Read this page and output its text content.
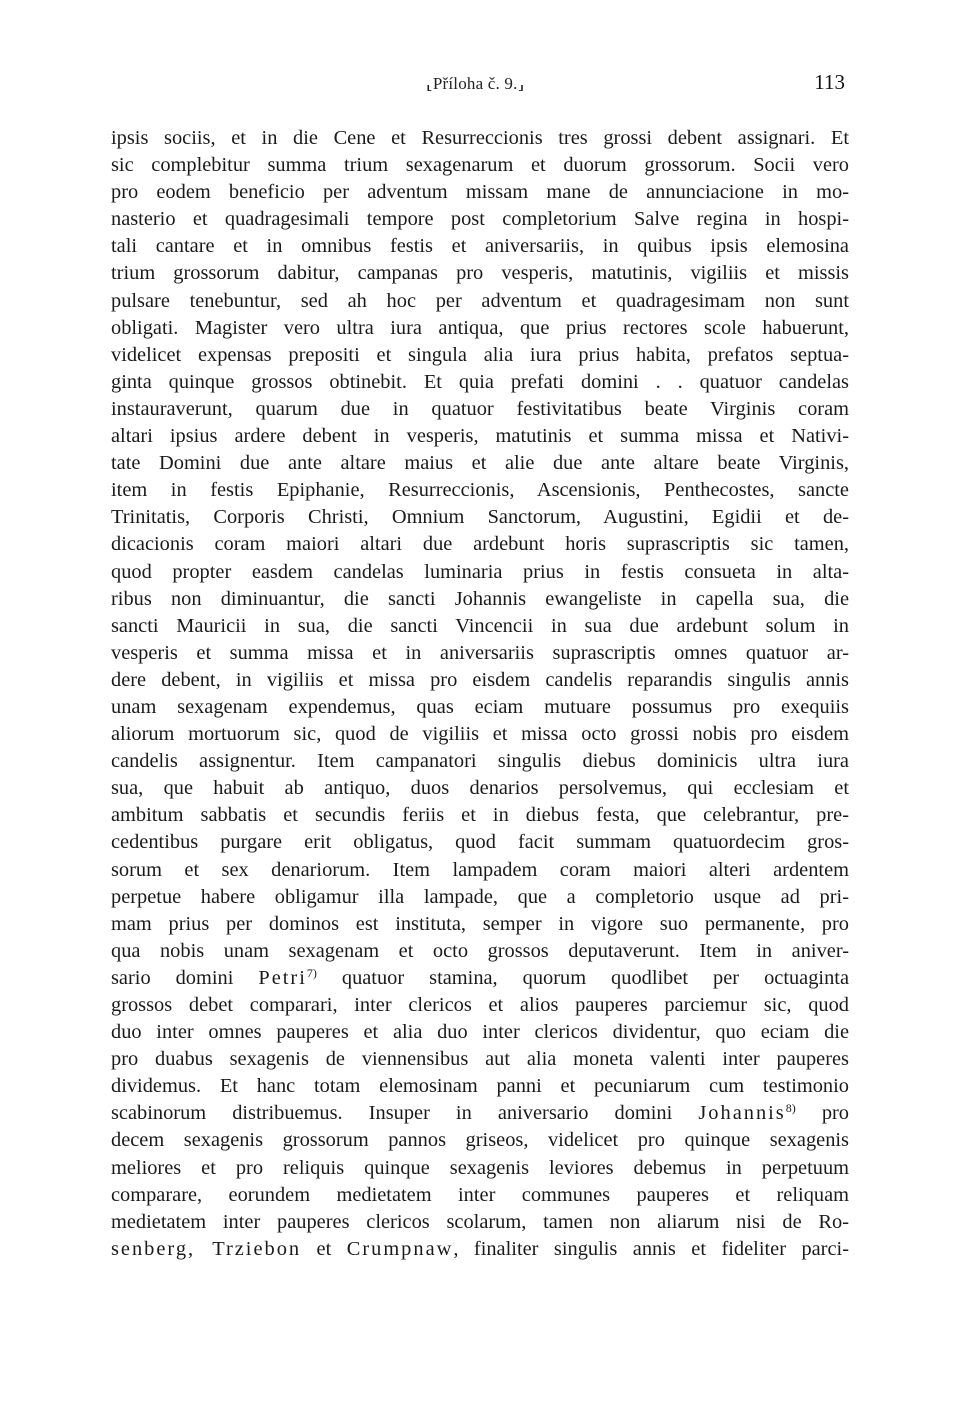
⸤Příloha č. 9.⸥	113
ipsis sociis, et in die Cene et Resurreccionis tres grossi debent assignari. Et
sic complebitur summa trium sexagenarum et duorum grossorum. Socii vero
pro eodem beneficio per adventum missam mane de annunciacione in mo-
nasterio et quadragesimali tempore post completorium Salve regina in hospi-
tali cantare et in omnibus festis et aniversariis, in quibus ipsis elemosina
trium grossorum dabitur, campanas pro vesperis, matutinis, vigiliis et missis
pulsare tenebuntur, sed ah hoc per adventum et quadragesimam non sunt
obligati. Magister vero ultra iura antiqua, que prius rectores scole habuerunt,
videlicet expensas prepositi et singula alia iura prius habita, prefatos septua-
ginta quinque grossos obtinebit. Et quia prefati domini . . quatuor candelas
instauraverunt, quarum due in quatuor festivitatibus beate Virginis coram
altari ipsius ardere debent in vesperis, matutinis et summa missa et Nativi-
tate Domini due ante altare maius et alie due ante altare beate Virginis,
item in festis Epiphanie, Resurreccionis, Ascensionis, Penthecostes, sancte
Trinitatis, Corporis Christi, Omnium Sanctorum, Augustini, Egidii et de-
dicacionis coram maiori altari due ardebunt horis suprascriptis sic tamen,
quod propter easdem candelas luminaria prius in festis consueta in alta-
ribus non diminuantur, die sancti Johannis ewangeliste in capella sua, die
sancti Mauricii in sua, die sancti Vincencii in sua due ardebunt solum in
vesperis et summa missa et in aniversariis suprascriptis omnes quatuor ar-
dere debent, in vigiliis et missa pro eisdem candelis reparandis singulis annis
unam sexagenam expendemus, quas eciam mutuare possumus pro exequiis
aliorum mortuorum sic, quod de vigiliis et missa octo grossi nobis pro eisdem
candelis assignentur. Item campanatori singulis diebus dominicis ultra iura
sua, que habuit ab antiquo, duos denarios persolvemus, qui ecclesiam et
ambitum sabbatis et secundis feriis et in diebus festa, que celebrantur, pre-
cedentibus purgare erit obligatus, quod facit summam quatuordecim gros-
sorum et sex denariorum. Item lampadem coram maiori alteri ardentem
perpetue habere obligamur illa lampade, que a completorio usque ad pri-
mam prius per dominos est instituta, semper in vigore suo permanente, pro
qua nobis unam sexagenam et octo grossos deputaverunt. Item in aniver-
sario domini Petri$^{7)}$ quatuor stamina, quorum quodlibet per octuaginta
grossos debet comparari, inter clericos et alios pauperes parciemur sic, quod
duo inter omnes pauperes et alia duo inter clericos dividentur, quo eciam die
pro duabus sexagenis de viennensibus aut alia moneta valenti inter pauperes
dividemus. Et hanc totam elemosinam panni et pecuniarum cum testimonio
scabinorum distribuemus. Insuper in aniversario domini Johannis$^{8)}$ pro
decem sexagenis grossorum pannos griseos, videlicet pro quinque sexagenis
meliores et pro reliquis quinque sexagenis leviores debemus in perpetuum
comparare, eorundem medietatem inter communes pauperes et reliquam
medietatem inter pauperes clericos scolarum, tamen non aliarum nisi de Ro-
senberg, Trziebon et Crumpnaw, finaliter singulis annis et fideliter parci-
